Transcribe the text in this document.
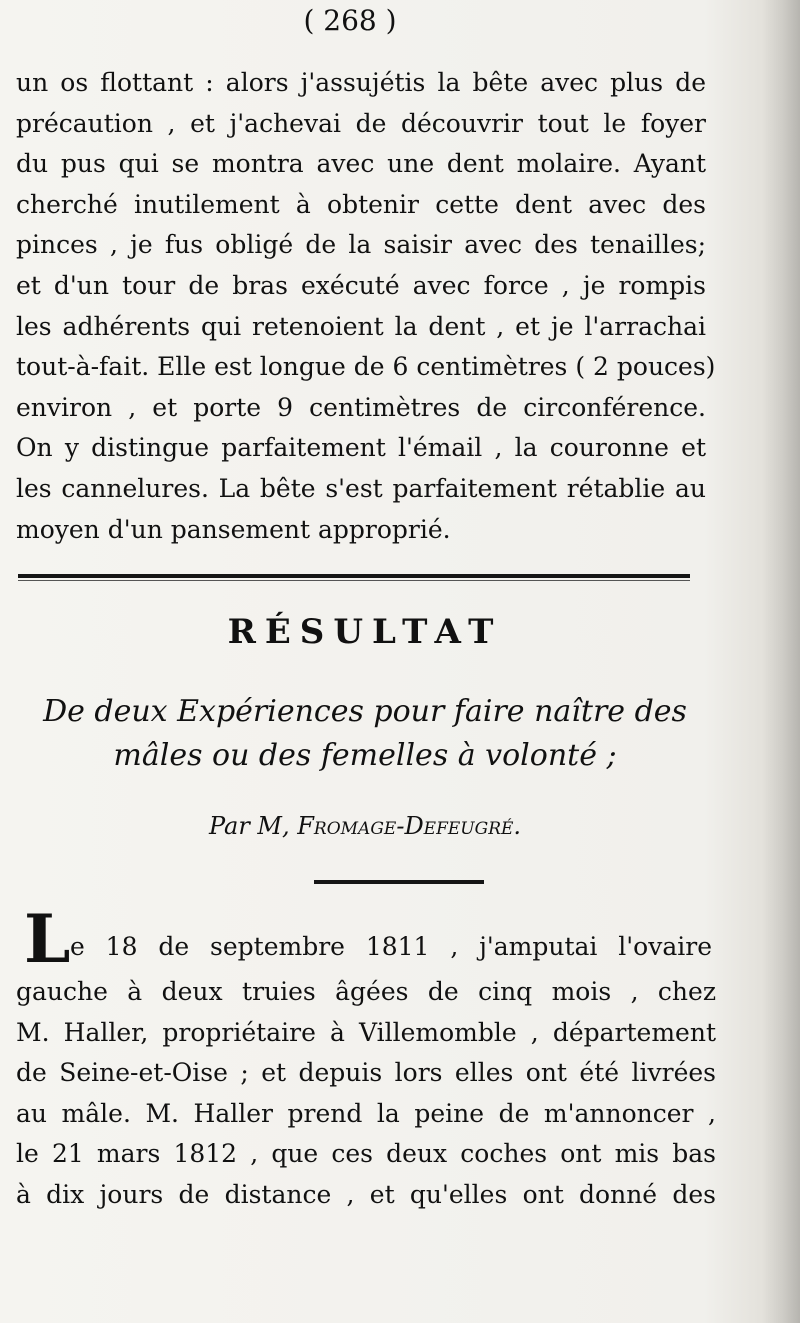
( 268 )
un os flottant : alors j'assujétis la bête avec plus de
précaution , et j'achevai de découvrir tout le foyer
du pus qui se montra avec une dent molaire. Ayant
cherché inutilement à obtenir cette dent avec des
pinces , je fus obligé de la saisir avec des tenailles;
et d'un tour de bras exécuté avec force , je rompis
les adhérents qui retenoient la dent , et je l'arrachai
tout-à-fait. Elle est longue de 6 centimètres ( 2 pouces)
environ , et porte 9 centimètres de circonférence.
On y distingue parfaitement l'émail , la couronne et
les cannelures. La bête s'est parfaitement rétablie au
moyen d'un pansement approprié.
RÉSULTAT
De deux Expériences pour faire naître des
mâles ou des femelles à volonté ;
Par M, Fromage-Defeugré.
L e 18 de septembre 1811 , j'amputai l'ovaire
gauche à deux truies âgées de cinq mois , chez
M. Haller, propriétaire à Villemomble , département
de Seine-et-Oise ; et depuis lors elles ont été livrées
au mâle. M. Haller prend la peine de m'annoncer ,
le 21 mars 1812 , que ces deux coches ont mis bas
à dix jours de distance , et qu'elles ont donné des
